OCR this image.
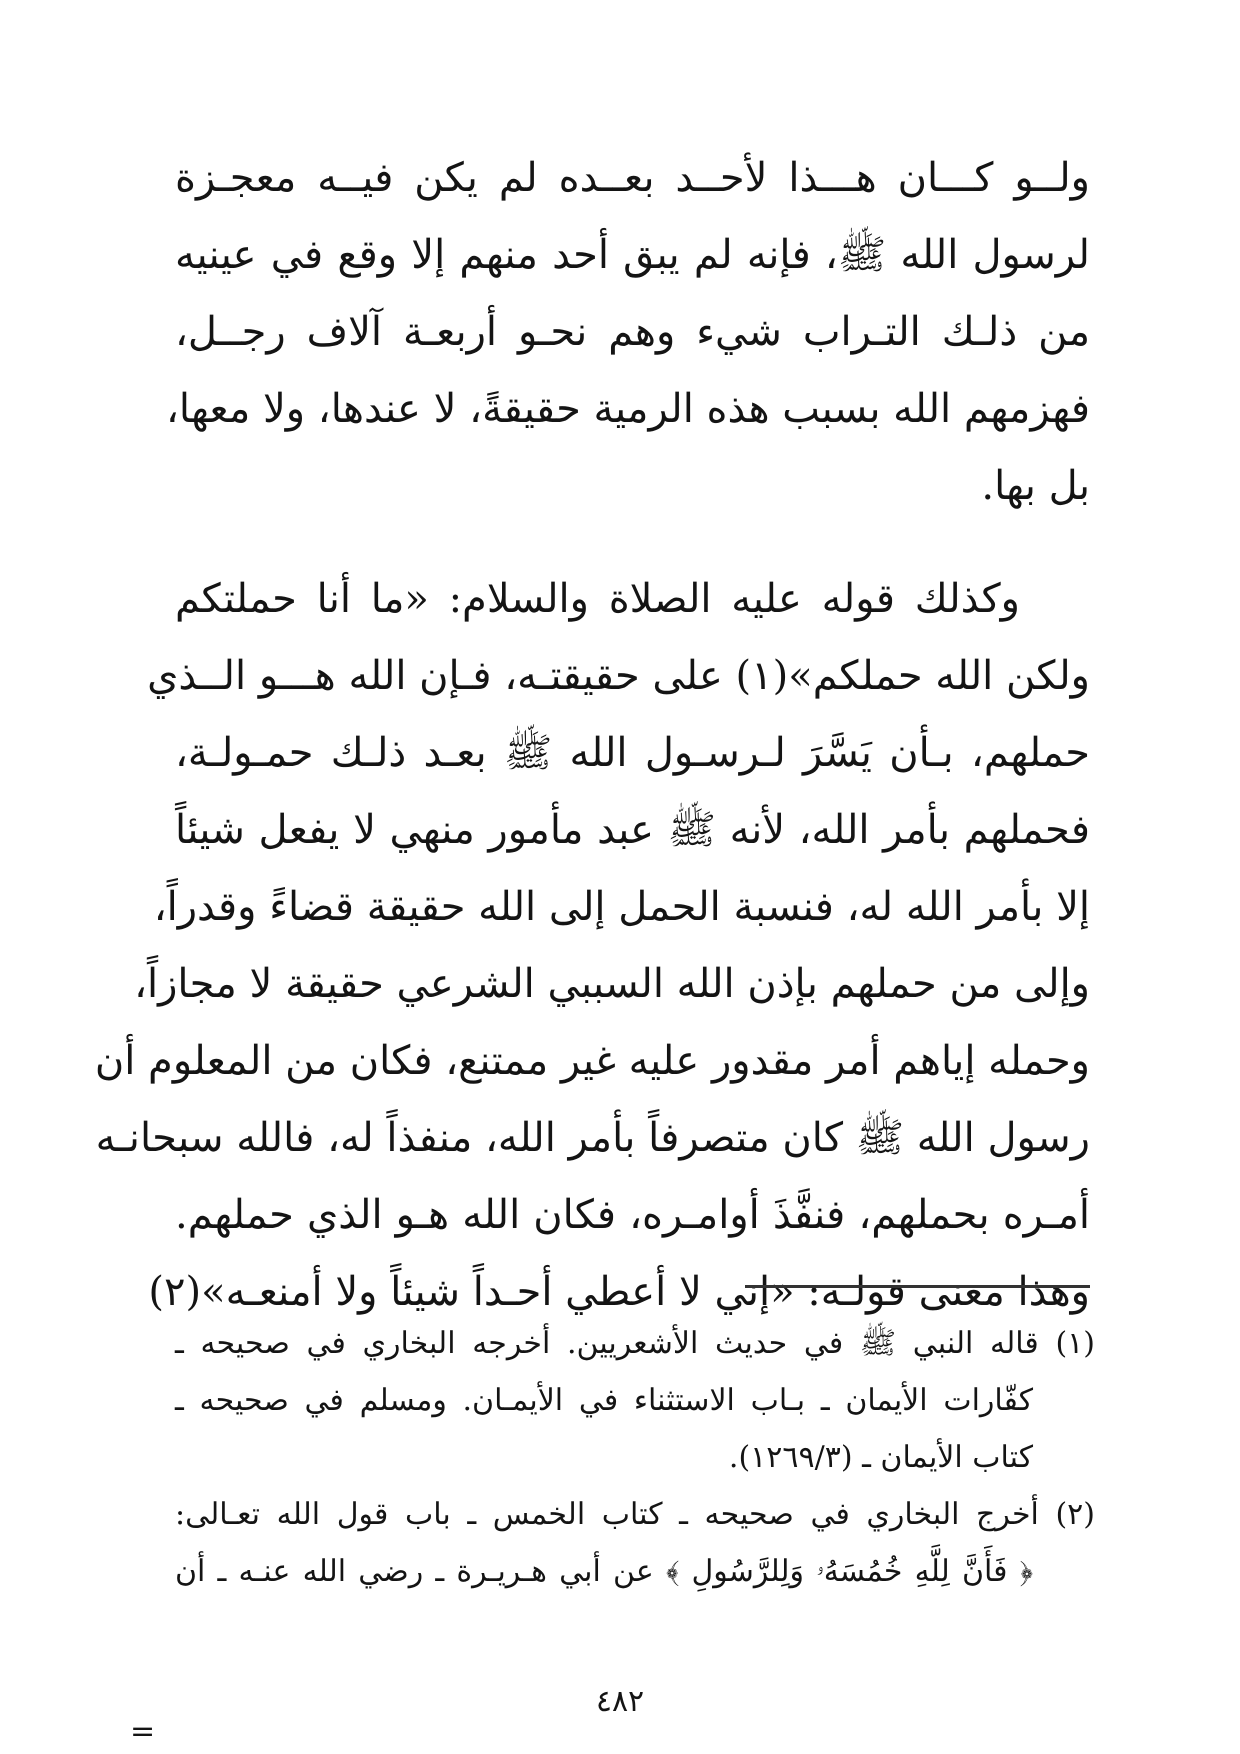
ولــو كـــان هـــذا لأحــد بعــده لم يكن فيــه معجـزة
لرسول الله ﷺ، فإنه لم يبق أحد منهم إلا وقع في عينيه
من ذلـك التـراب شيء وهم نحـو أربعـة آلاف رجــل،
فهزمهم الله بسبب هذه الرمية حقيقةً، لا عندها، ولا معها،
بل بها.
وكذلك قوله عليه الصلاة والسلام: «ما أنا حملتكم
ولكن الله حملكم»(١) على حقيقتـه، فـإن الله هـــو الــذي
حملهم، بـأن يَسَّرَ لـرسـول الله ﷺ بعـد ذلـك حمـولـة،
فحملهم بأمر الله، لأنه ﷺ عبد مأمور منهي لا يفعل شيئاً
إلا بأمر الله له، فنسبة الحمل إلى الله حقيقة قضاءً وقدراً،
وإلى من حملهم بإذن الله السببي الشرعي حقيقة لا مجازاً،
وحمله إياهم أمر مقدور عليه غير ممتنع، فكان من المعلوم أن
رسول الله ﷺ كان متصرفاً بأمر الله، منفذاً له، فالله سبحانـه
أمـره بحملهم، فنفَّذَ أوامـره، فكان الله هـو الذي حملهم.
وهذا معنى قولـه: «إني لا أعطي أحـداً شيئاً ولا أمنعـه»(٢)
(١) قاله النبي ﷺ في حديث الأشعريين. أخرجه البخاري في صحيحه ـ
كفّارات الأيمان ـ بـاب الاستثناء في الأيمـان. ومسلم في صحيحه ـ
كتاب الأيمان ـ (١٢٦٩/٣).
(٢) أخرج البخاري في صحيحه ـ كتاب الخمس ـ باب قول الله تعـالى:
﴿ فَأَنَّ لِلَّهِ خُمُسَهُۥ وَلِلرَّسُولِ ﴾ عن أبي هـريـرة ـ رضي الله عنـه ـ أن
=
٤٨٢
